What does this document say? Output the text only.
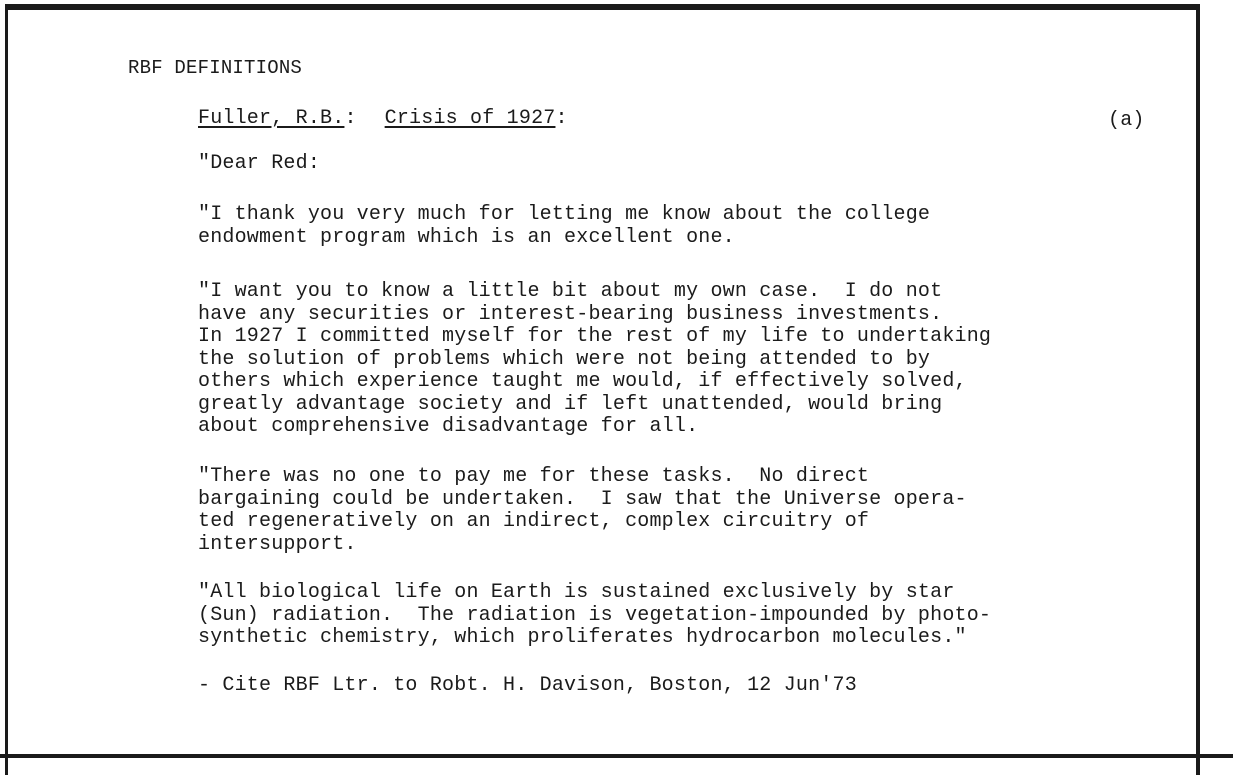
RBF DEFINITIONS
Fuller, R.B.: Crisis of 1927:	(a)
"Dear Red:
"I thank you very much for letting me know about the college
endowment program which is an excellent one.
"I want you to know a little bit about my own case.  I do not
have any securities or interest-bearing business investments.
In 1927 I committed myself for the rest of my life to undertaking
the solution of problems which were not being attended to by
others which experience taught me would, if effectively solved,
greatly advantage society and if left unattended, would bring
about comprehensive disadvantage for all.
"There was no one to pay me for these tasks.  No direct
bargaining could be undertaken.  I saw that the Universe opera-
ted regeneratively on an indirect, complex circuitry of
intersupport.
"All biological life on Earth is sustained exclusively by star
(Sun) radiation.  The radiation is vegetation-impounded by photo-
synthetic chemistry, which proliferates hydrocarbon molecules."
- Cite RBF Ltr. to Robt. H. Davison, Boston, 12 Jun'73
